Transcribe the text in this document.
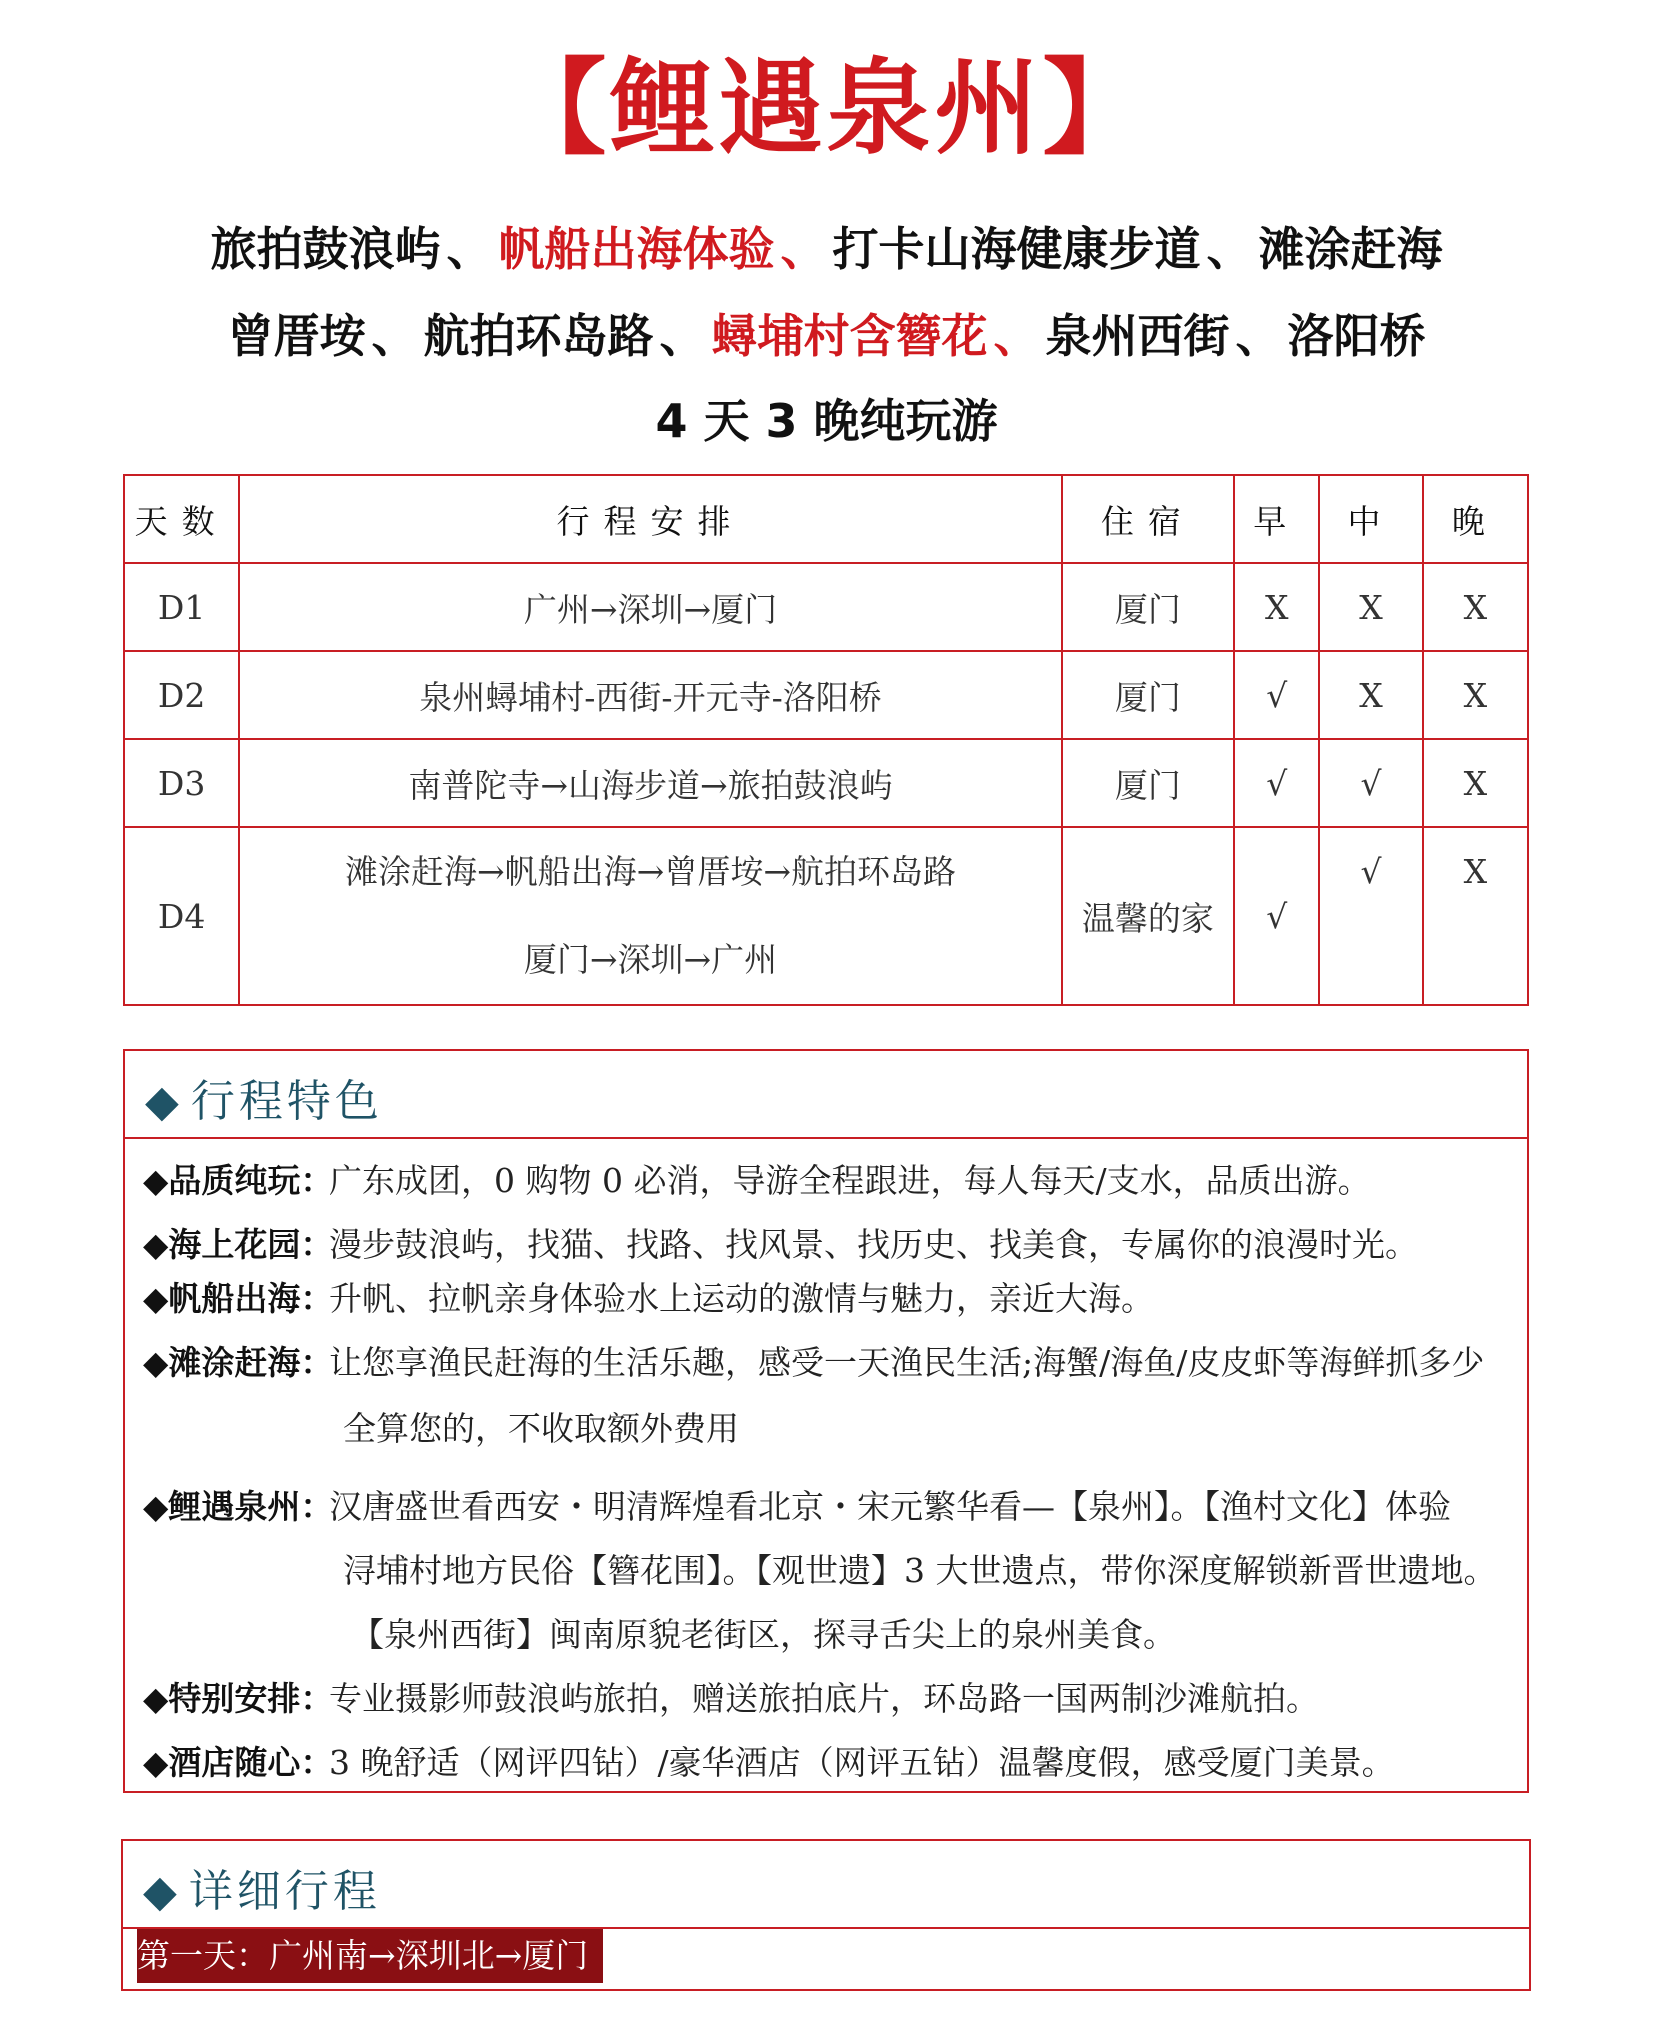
【鲤遇泉州】
旅拍鼓浪屿 、 帆船出海体验 、 打卡山海健康步道 、 滩涂赶海
曾厝垵 、 航拍环岛路 、 蟳埔村含簪花 、 泉州西街 、 洛阳桥
4 天 3 晚纯玩游
天数	行程安排	住宿	早	中	晚
D1	广州→深圳→厦门	厦门	X	X	X
D2	泉州蟳埔村-西街-开元寺-洛阳桥	厦门	√	X	X
D3	南普陀寺→山海步道→旅拍鼓浪屿	厦门	√	√	X
D4	滩涂赶海→帆船出海→曾厝垵→航拍环岛路
厦门→深圳→广州	温馨的家	√	√	X
◆ 行程特色
◆品质纯玩：广东成团，0 购物 0 必消，导游全程跟进，每人每天/支水，品质出游。
◆海上花园：漫步鼓浪屿，找猫、找路、找风景、找历史、找美食，专属你的浪漫时光。
◆帆船出海：升帆、拉帆亲身体验水上运动的激情与魅力，亲近大海。
◆滩涂赶海：让您享渔民赶海的生活乐趣，感受一天渔民生活;海蟹/海鱼/皮皮虾等海鲜抓多少
全算您的，不收取额外费用
◆鲤遇泉州：汉唐盛世看西安・明清辉煌看北京・宋元繁华看—【泉州】。【渔村文化】体验
浔埔村地方民俗【簪花围】。【观世遗】3 大世遗点，带你深度解锁新晋世遗地。
【泉州西街】闽南原貌老街区，探寻舌尖上的泉州美食。
◆特别安排：专业摄影师鼓浪屿旅拍，赠送旅拍底片，环岛路一国两制沙滩航拍。
◆酒店随心：3 晚舒适（网评四钻）/豪华酒店（网评五钻）温馨度假，感受厦门美景。
◆ 详细行程
第一天：广州南→深圳北→厦门
